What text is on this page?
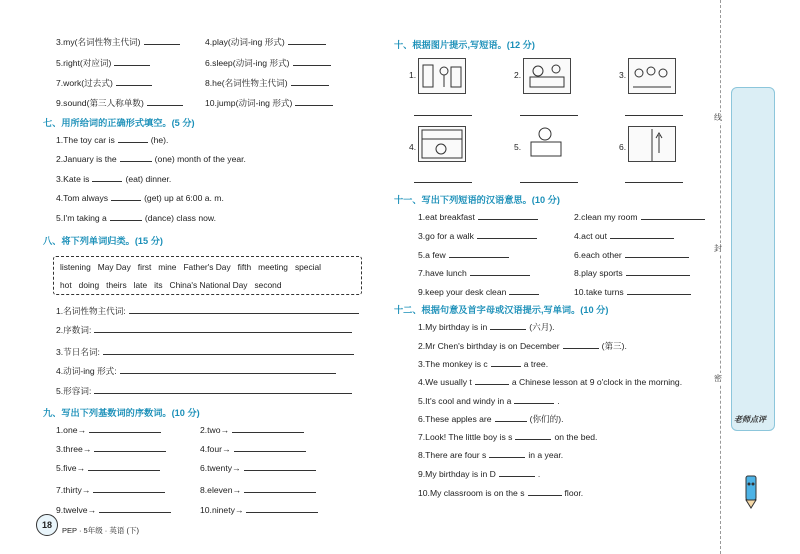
3.my(名词性物主代词)	4.play(动词-ing 形式)
5.right(对应词)	6.sleep(动词-ing 形式)
7.work(过去式)	8.he(名词性物主代词)
9.sound(第三人称单数)	10.jump(动词-ing 形式)
七、用所给词的正确形式填空。(5 分)
1.The toy car is	(he).
2.January is the	(one) month of the year.
3.Kate is	(eat) dinner.
4.Tom always	(get) up at 6:00 a. m.
5.I'm taking a	(dance) class now.
八、将下列单词归类。(15 分)
listening May Day first mine Father's Day fifth meeting special
hot doing theirs late its China's National Day second
1.名词性物主代词:
2.序数词:
3.节日名词:
4.动词-ing 形式:
5.形容词:
九、写出下列基数词的序数词。(10 分)
1.one→	2.two→
3.three→	4.four→
5.five→	6.twenty→
7.thirty→	8.eleven→
9.twelve→	10.ninety→
18
PEP · 5年级 · 英语 (下)
十、根据图片提示,写短语。(12 分)
1.	2.	3.
4.	5.	6.
十一、写出下列短语的汉语意思。(10 分)
1.eat breakfast	2.clean my room
3.go for a walk	4.act out
5.a few	6.each other
7.have lunch	8.play sports
9.keep your desk clean	10.take turns
十二、根据句意及首字母或汉语提示,写单词。(10 分)
1.My birthday is in	(六月).
2.Mr Chen's birthday is on December	(第三).
3.The monkey is c	a tree.
4.We usually t	a Chinese lesson at 9 o'clock in the morning.
5.It's cool and windy in a	.
6.These apples are	(你们的).
7.Look! The little boy is s	on the bed.
8.There are four s	in a year.
9.My birthday is in D	.
10.My classroom is on the s	floor.
线
封
密
老师点评
